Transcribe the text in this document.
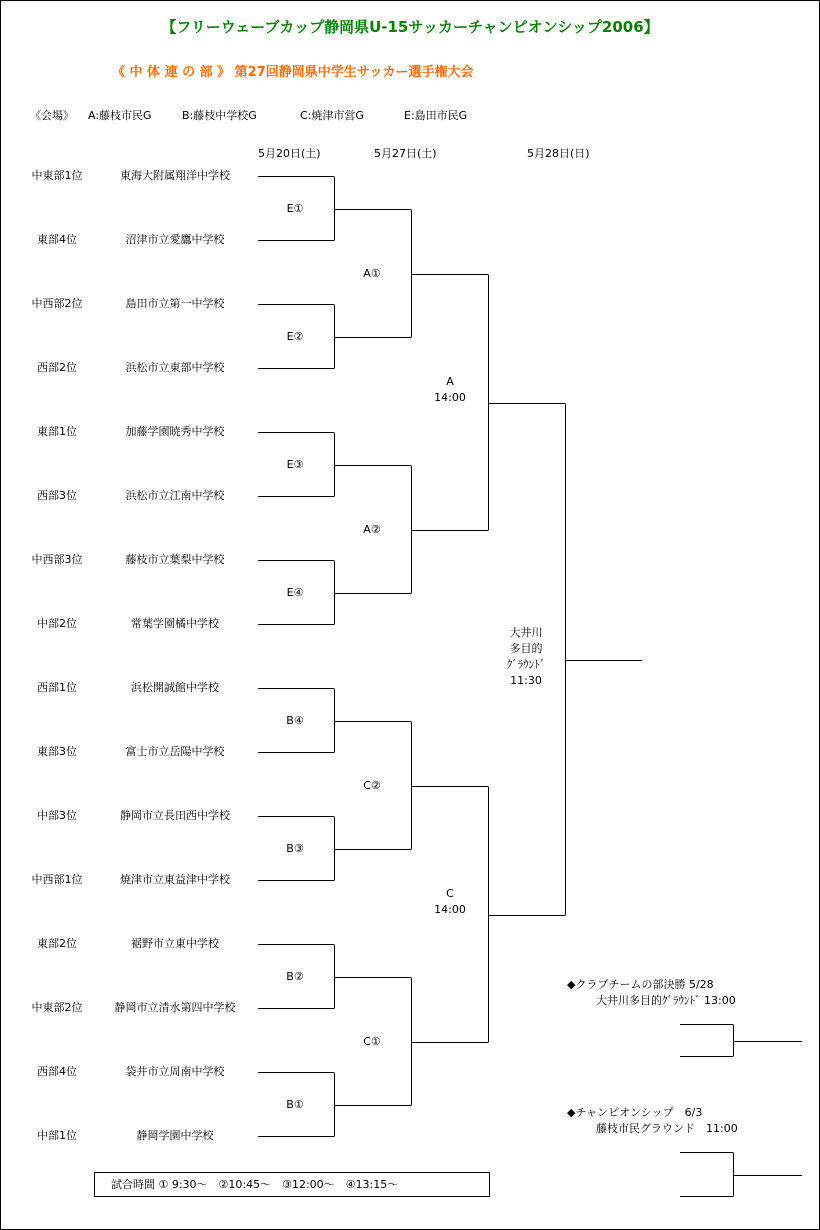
【フリーウェーブカップ静岡県U-15サッカーチャンピオンシップ2006】
《 中 体 連 の 部 》 第27回静岡県中学生サッカー選手権大会
《会場》 A:藤枝市民G	B:藤枝中学校G	C:焼津市営G	E:島田市民G
5月20日(土)	5月27日(土)	5月28日(日)
中東部1位	東海大附属翔洋中学校
東部4位	沼津市立愛鷹中学校
中西部2位	島田市立第一中学校
西部2位	浜松市立東部中学校
東部1位	加藤学園暁秀中学校
西部3位	浜松市立江南中学校
中西部3位	藤枝市立葉梨中学校
中部2位	常葉学園橘中学校
西部1位	浜松開誠館中学校
東部3位	富士市立岳陽中学校
中部3位	静岡市立長田西中学校
中西部1位	焼津市立東益津中学校
東部2位	裾野市立東中学校
中東部2位	静岡市立清水第四中学校
西部4位	袋井市立周南中学校
中部1位	静岡学園中学校
E①
E②
E③
E④
B④
B③
B②
B①
A①
A②
C②
C①
A
14:00
C
14:00
大井川
多目的
ｸﾞﾗｳﾝﾄﾞ
11:30
◆クラブチームの部決勝 5/28
大井川多目的ｸﾞﾗｳﾝﾄﾞ 13:00
◆チャンピオンシップ　6/3
藤枝市民グラウンド　11:00
試合時間 ① 9:30～　②10:45～　③12:00～　④13:15～
